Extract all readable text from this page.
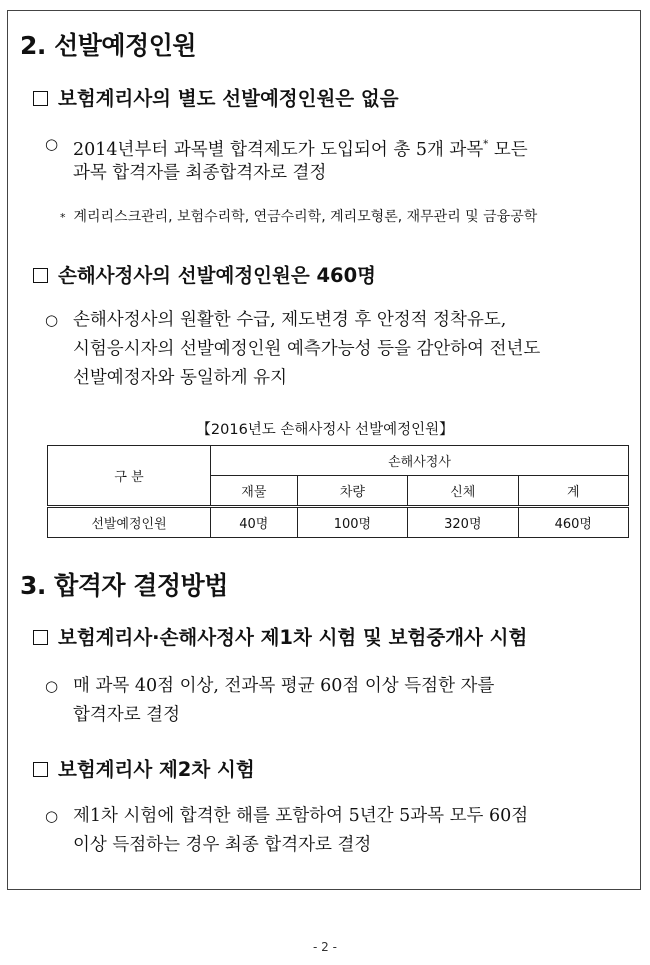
2. 선발예정인원
보험계리사의 별도 선발예정인원은 없음
○ 2014년부터 과목별 합격제도가 도입되어 총 5개 과목* 모든
과목 합격자를 최종합격자로 결정
* 계리리스크관리, 보험수리학, 연금수리학, 계리모형론, 재무관리 및 금융공학
손해사정사의 선발예정인원은 460명
○ 손해사정사의 원활한 수급, 제도변경 후 안정적 정착유도,
시험응시자의 선발예정인원 예측가능성 등을 감안하여 전년도
선발예정자와 동일하게 유지
【2016년도 손해사정사 선발예정인원】
구 분	손해사정사			
	재물	차량	신체	계
선발예정인원	40명	100명	320명	460명
3. 합격자 결정방법
보험계리사·손해사정사 제1차 시험 및 보험중개사 시험
○ 매 과목 40점 이상, 전과목 평균 60점 이상 득점한 자를
합격자로 결정
보험계리사 제2차 시험
○ 제1차 시험에 합격한 해를 포함하여 5년간 5과목 모두 60점
이상 득점하는 경우 최종 합격자로 결정
- 2 -
